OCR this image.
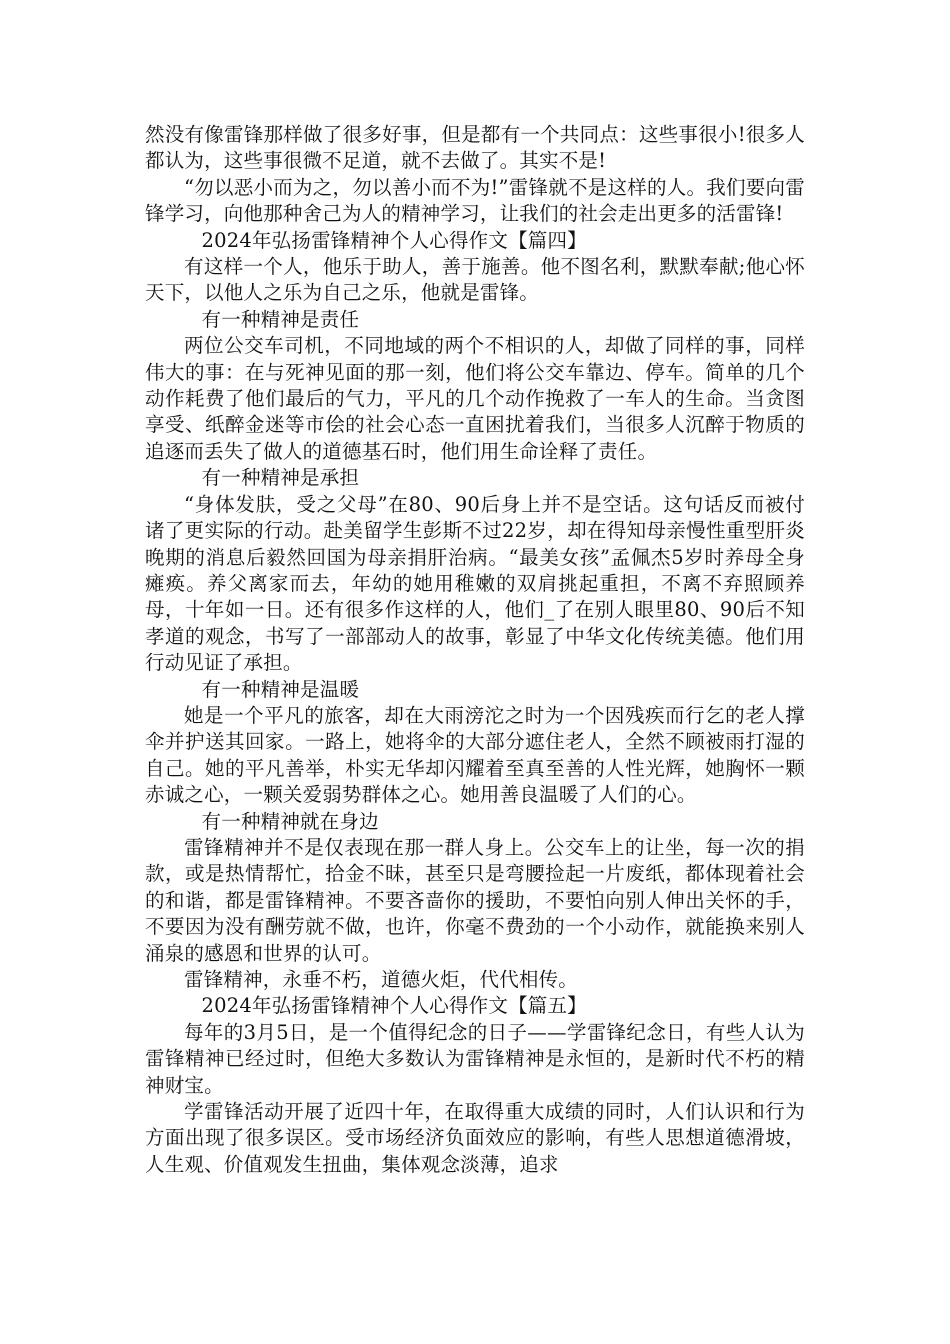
然没有像雷锋那样做了很多好事，但是都有一个共同点：这些事很小!很多人都认为，这些事很微不足道，就不去做了。其实不是!

“勿以恶小而为之，勿以善小而不为!”雷锋就不是这样的人。我们要向雷锋学习，向他那种舍己为人的精神学习，让我们的社会走出更多的活雷锋!

2024年弘扬雷锋精神个人心得作文【篇四】

有这样一个人，他乐于助人，善于施善。他不图名利，默默奉献;他心怀天下，以他人之乐为自己之乐，他就是雷锋。

有一种精神是责任

两位公交车司机，不同地域的两个不相识的人，却做了同样的事，同样伟大的事：在与死神见面的那一刻，他们将公交车靠边、停车。简单的几个动作耗费了他们最后的气力，平凡的几个动作挽救了一车人的生命。当贪图享受、纸醉金迷等市侩的社会心态一直困扰着我们，当很多人沉醉于物质的追逐而丢失了做人的道德基石时，他们用生命诠释了责任。

有一种精神是承担

“身体发肤，受之父母”在80、90后身上并不是空话。这句话反而被付诸了更实际的行动。赴美留学生彭斯不过22岁，却在得知母亲慢性重型肝炎晚期的消息后毅然回国为母亲捐肝治病。“最美女孩”孟佩杰5岁时养母全身瘫痪。养父离家而去，年幼的她用稚嫩的双肩挑起重担，不离不弃照顾养母，十年如一日。还有很多作这样的人，他们_了在别人眼里80、90后不知孝道的观念，书写了一部部动人的故事，彰显了中华文化传统美德。他们用行动见证了承担。

有一种精神是温暖

她是一个平凡的旅客，却在大雨滂沱之时为一个因残疾而行乞的老人撑伞并护送其回家。一路上，她将伞的大部分遮住老人，全然不顾被雨打湿的自己。她的平凡善举，朴实无华却闪耀着至真至善的人性光辉，她胸怀一颗赤诚之心，一颗关爱弱势群体之心。她用善良温暖了人们的心。

有一种精神就在身边

雷锋精神并不是仅表现在那一群人身上。公交车上的让坐，每一次的捐款，或是热情帮忙，拾金不昧，甚至只是弯腰捡起一片废纸，都体现着社会的和谐，都是雷锋精神。不要吝啬你的援助，不要怕向别人伸出关怀的手，不要因为没有酬劳就不做，也许，你毫不费劲的一个小动作，就能换来别人涌泉的感恩和世界的认可。

雷锋精神，永垂不朽，道德火炬，代代相传。

2024年弘扬雷锋精神个人心得作文【篇五】

每年的3月5日，是一个值得纪念的日子——学雷锋纪念日，有些人认为雷锋精神已经过时，但绝大多数认为雷锋精神是永恒的，是新时代不朽的精神财宝。

学雷锋活动开展了近四十年，在取得重大成绩的同时，人们认识和行为方面出现了很多误区。受市场经济负面效应的影响，有些人思想道德滑坡，人生观、价值观发生扭曲，集体观念淡薄，追求
